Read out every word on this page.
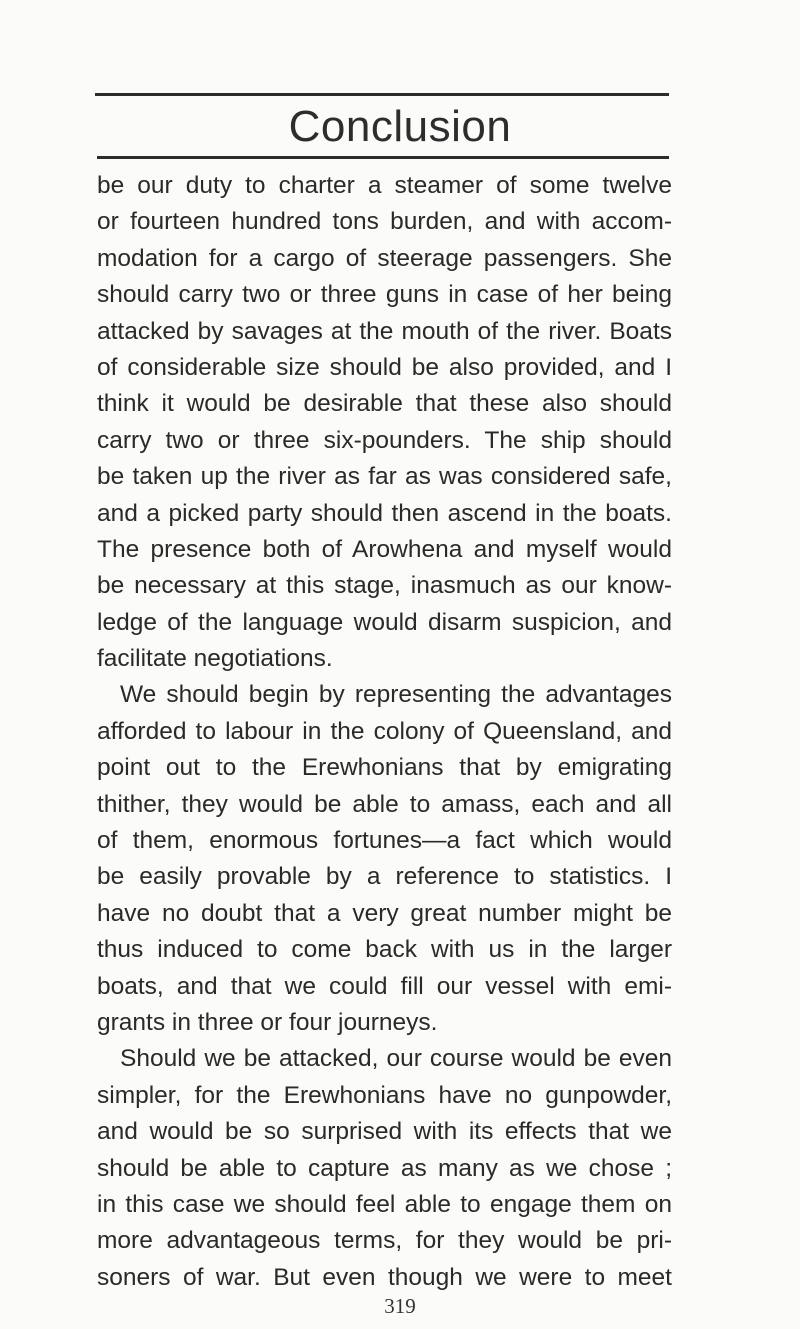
Conclusion
be our duty to charter a steamer of some twelve
or fourteen hundred tons burden, and with accom-
modation for a cargo of steerage passengers. She
should carry two or three guns in case of her being
attacked by savages at the mouth of the river. Boats
of considerable size should be also provided, and I
think it would be desirable that these also should
carry two or three six-pounders. The ship should
be taken up the river as far as was considered safe,
and a picked party should then ascend in the boats.
The presence both of Arowhena and myself would
be necessary at this stage, inasmuch as our know-
ledge of the language would disarm suspicion, and
facilitate negotiations.
We should begin by representing the advantages
afforded to labour in the colony of Queensland, and
point out to the Erewhonians that by emigrating
thither, they would be able to amass, each and all
of them, enormous fortunes—a fact which would
be easily provable by a reference to statistics. I
have no doubt that a very great number might be
thus induced to come back with us in the larger
boats, and that we could fill our vessel with emi-
grants in three or four journeys.
Should we be attacked, our course would be even
simpler, for the Erewhonians have no gunpowder,
and would be so surprised with its effects that we
should be able to capture as many as we chose ;
in this case we should feel able to engage them on
more advantageous terms, for they would be pri-
soners of war. But even though we were to meet
319
